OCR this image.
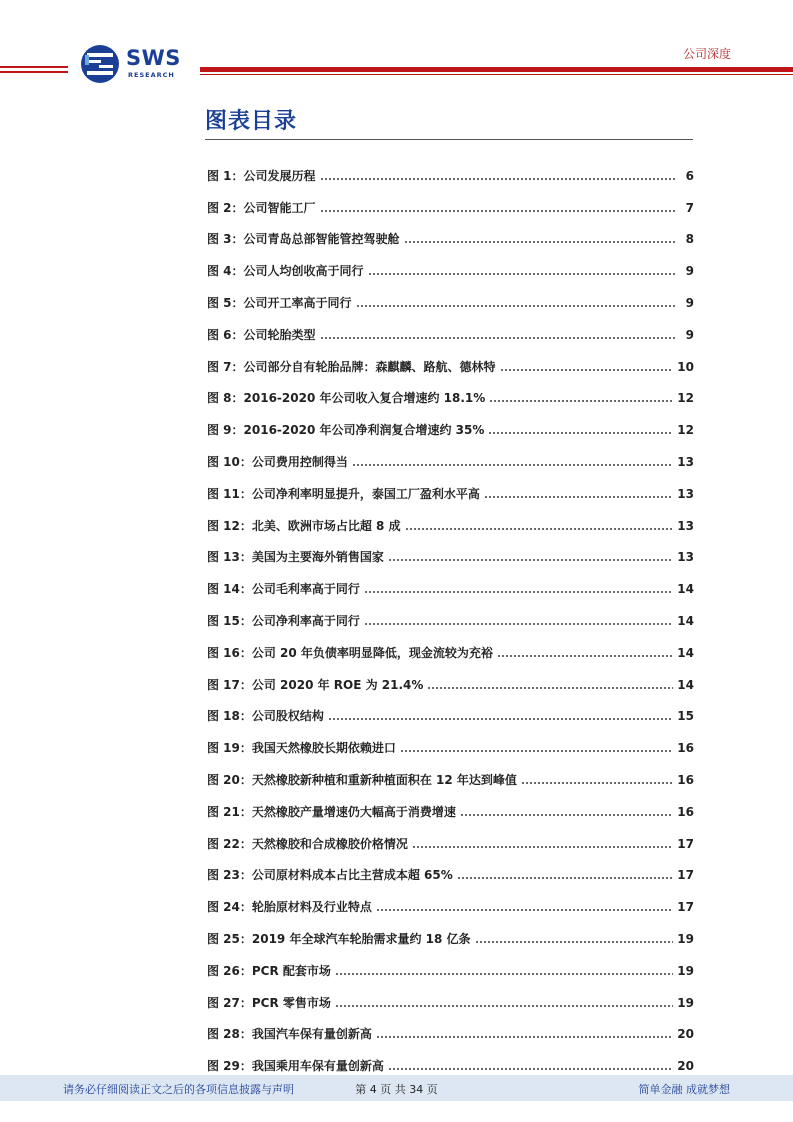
SWS
RESEARCH
公司深度
图表目录
图 1：公司发展历程	6
图 2：公司智能工厂	7
图 3：公司青岛总部智能管控驾驶舱	8
图 4：公司人均创收高于同行	9
图 5：公司开工率高于同行	9
图 6：公司轮胎类型	9
图 7：公司部分自有轮胎品牌：森麒麟、路航、德林特	10
图 8：2016-2020 年公司收入复合增速约 18.1%	12
图 9：2016-2020 年公司净利润复合增速约 35%	12
图 10：公司费用控制得当	13
图 11：公司净利率明显提升，泰国工厂盈利水平高	13
图 12：北美、欧洲市场占比超 8 成	13
图 13：美国为主要海外销售国家	13
图 14：公司毛利率高于同行	14
图 15：公司净利率高于同行	14
图 16：公司 20 年负债率明显降低，现金流较为充裕	14
图 17：公司 2020 年 ROE 为 21.4%	14
图 18：公司股权结构	15
图 19：我国天然橡胶长期依赖进口	16
图 20：天然橡胶新种植和重新种植面积在 12 年达到峰值	16
图 21：天然橡胶产量增速仍大幅高于消费增速	16
图 22：天然橡胶和合成橡胶价格情况	17
图 23：公司原材料成本占比主营成本超 65%	17
图 24：轮胎原材料及行业特点	17
图 25：2019 年全球汽车轮胎需求量约 18 亿条	19
图 26：PCR 配套市场	19
图 27：PCR 零售市场	19
图 28：我国汽车保有量创新高	20
图 29：我国乘用车保有量创新高	20
请务必仔细阅读正文之后的各项信息披露与声明	第 4 页 共 34 页	简单金融 成就梦想
